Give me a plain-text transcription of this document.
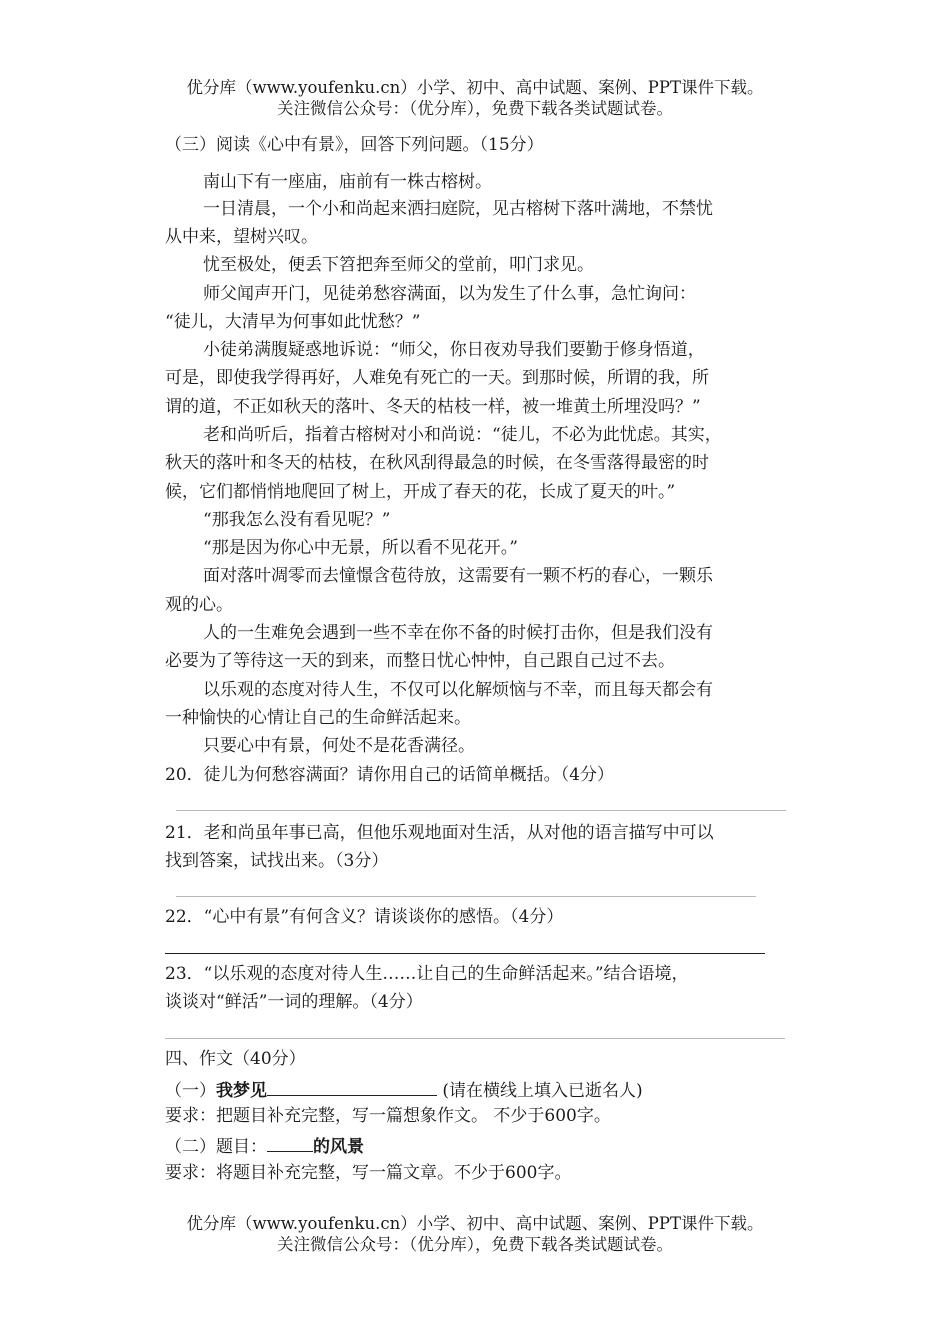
优分库（www.youfenku.cn）小学、初中、高中试题、案例、PPT课件下载。
关注微信公众号：（优分库），免费下载各类试题试卷。
（三）阅读《心中有景》，回答下列问题。（15分）
南山下有一座庙，庙前有一株古榕树。
一日清晨，一个小和尚起来洒扫庭院，见古榕树下落叶满地，不禁忧
从中来，望树兴叹。
忧至极处，便丢下笤把奔至师父的堂前，叩门求见。
师父闻声开门，见徒弟愁容满面，以为发生了什么事，急忙询问：
“徒儿，大清早为何事如此忧愁？”
小徒弟满腹疑惑地诉说：“师父，你日夜劝导我们要勤于修身悟道，
可是，即使我学得再好，人难免有死亡的一天。到那时候，所谓的我，所
谓的道，不正如秋天的落叶、冬天的枯枝一样，被一堆黄土所埋没吗？”
老和尚听后，指着古榕树对小和尚说：“徒儿，不必为此忧虑。其实，
秋天的落叶和冬天的枯枝，在秋风刮得最急的时候，在冬雪落得最密的时
候，它们都悄悄地爬回了树上，开成了春天的花，长成了夏天的叶。”
“那我怎么没有看见呢？”
“那是因为你心中无景，所以看不见花开。”
面对落叶凋零而去憧憬含苞待放，这需要有一颗不朽的春心，一颗乐
观的心。
人的一生难免会遇到一些不幸在你不备的时候打击你，但是我们没有
必要为了等待这一天的到来，而整日忧心忡忡，自己跟自己过不去。
以乐观的态度对待人生，不仅可以化解烦恼与不幸，而且每天都会有
一种愉快的心情让自己的生命鲜活起来。
只要心中有景，何处不是花香满径。
20．徒儿为何愁容满面？请你用自己的话简单概括。（4分）
21．老和尚虽年事已高，但他乐观地面对生活，从对他的语言描写中可以
找到答案，试找出来。（3分）
22．“心中有景”有何含义？请谈谈你的感悟。（4分）
23．“以乐观的态度对待人生……让自己的生命鲜活起来。”结合语境，
谈谈对“鲜活”一词的理解。（4分）
四、作文（40分）
（一）我梦见	(请在横线上填入已逝名人)
要求：把题目补充完整，写一篇想象作文。 不少于600字。
（二）题目：	的风景
要求：将题目补充完整，写一篇文章。不少于600字。
优分库（www.youfenku.cn）小学、初中、高中试题、案例、PPT课件下载。
关注微信公众号：（优分库），免费下载各类试题试卷。
